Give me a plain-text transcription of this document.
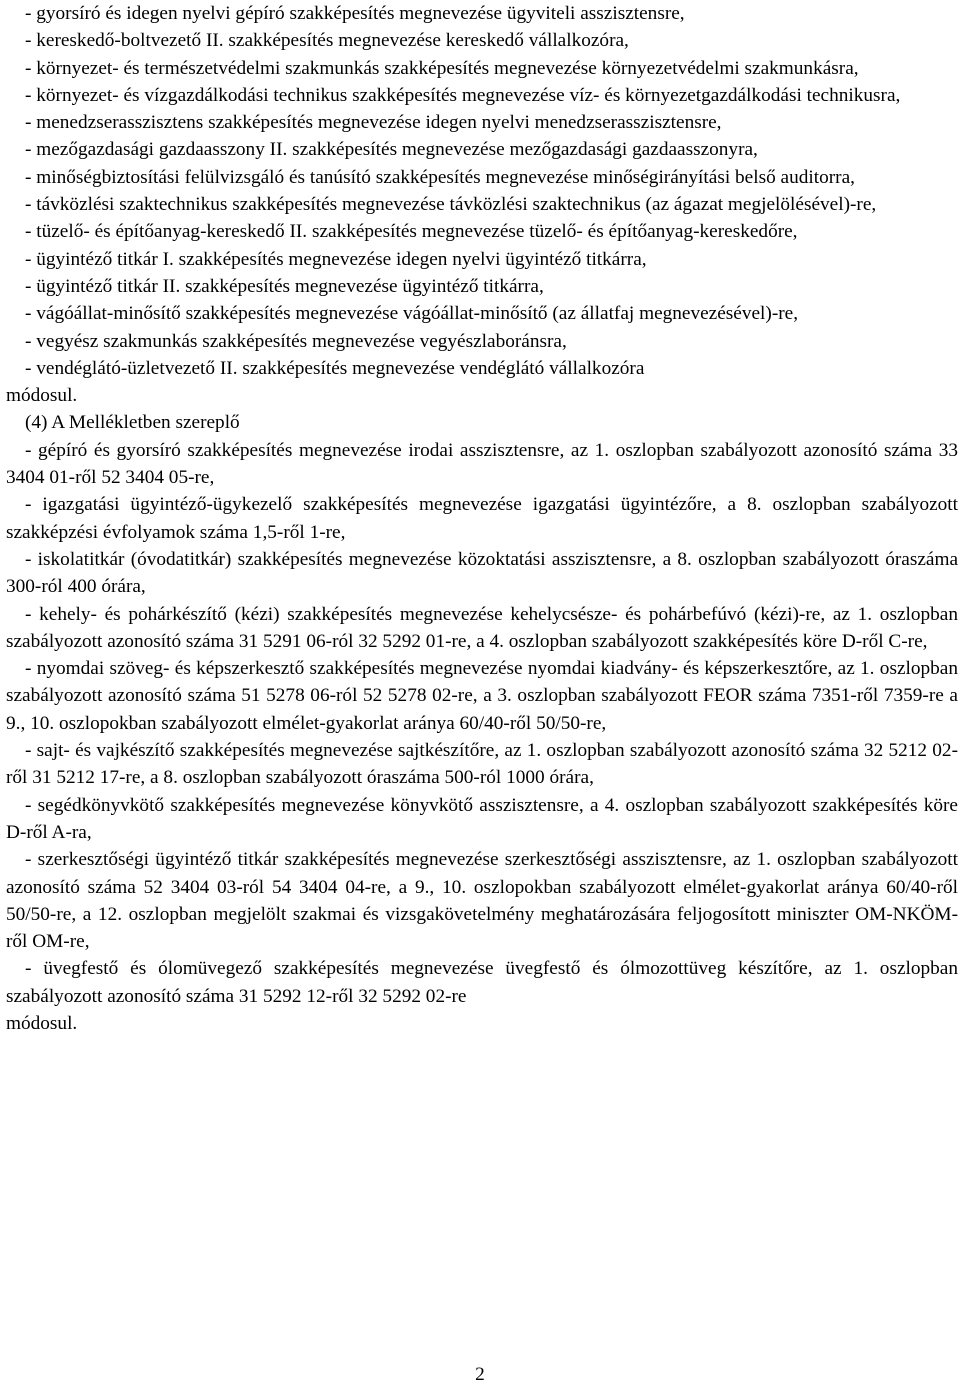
- gyorsíró és idegen nyelvi gépíró szakképesítés megnevezése ügyviteli asszisztensre,

- kereskedő-boltvezető II. szakképesítés megnevezése kereskedő vállalkozóra,

- környezet- és természetvédelmi szakmunkás szakképesítés megnevezése környezetvédelmi szakmunkásra,

- környezet- és vízgazdálkodási technikus szakképesítés megnevezése víz- és környezetgazdálkodási technikusra,

- menedzserasszisztens szakképesítés megnevezése idegen nyelvi menedzserasszisztensre,

- mezőgazdasági gazdaasszony II. szakképesítés megnevezése mezőgazdasági gazdaasszonyra,

- minőségbiztosítási felülvizsgáló és tanúsító szakképesítés megnevezése minőségirányítási belső auditorra,

- távközlési szaktechnikus szakképesítés megnevezése távközlési szaktechnikus (az ágazat megjelölésével)-re,

- tüzelő- és építőanyag-kereskedő II. szakképesítés megnevezése tüzelő- és építőanyag-kereskedőre,

- ügyintéző titkár I. szakképesítés megnevezése idegen nyelvi ügyintéző titkárra,

- ügyintéző titkár II. szakképesítés megnevezése ügyintéző titkárra,

- vágóállat-minősítő szakképesítés megnevezése vágóállat-minősítő (az állatfaj megnevezésével)-re,

- vegyész szakmunkás szakképesítés megnevezése vegyészlaboránsra,

- vendéglátó-üzletvezető II. szakképesítés megnevezése vendéglátó vállalkozóra

módosul.

(4) A Mellékletben szereplő

- gépíró és gyorsíró szakképesítés megnevezése irodai asszisztensre, az 1. oszlopban szabályozott azonosító száma 33 3404 01-ről 52 3404 05-re,

- igazgatási ügyintéző-ügykezelő szakképesítés megnevezése igazgatási ügyintézőre, a 8. oszlopban szabályozott szakképzési évfolyamok száma 1,5-ről 1-re,

- iskolatitkár (óvodatitkár) szakképesítés megnevezése közoktatási asszisztensre, a 8. oszlopban szabályozott óraszáma 300-ról 400 órára,

- kehely- és pohárkészítő (kézi) szakképesítés megnevezése kehelycsésze- és pohárbefúvó (kézi)-re, az 1. oszlopban szabályozott azonosító száma 31 5291 06-ról 32 5292 01-re, a 4. oszlopban szabályozott szakképesítés köre D-ről C-re,

- nyomdai szöveg- és képszerkesztő szakképesítés megnevezése nyomdai kiadvány- és képszerkesztőre, az 1. oszlopban szabályozott azonosító száma 51 5278 06-ról 52 5278 02-re, a 3. oszlopban szabályozott FEOR száma 7351-ről 7359-re a 9., 10. oszlopokban szabályozott elmélet-gyakorlat aránya 60/40-ről 50/50-re,

- sajt- és vajkészítő szakképesítés megnevezése sajtkészítőre, az 1. oszlopban szabályozott azonosító száma 32 5212 02-ről 31 5212 17-re, a 8. oszlopban szabályozott óraszáma 500-ról 1000 órára,

- segédkönyvkötő szakképesítés megnevezése könyvkötő asszisztensre, a 4. oszlopban szabályozott szakképesítés köre D-ről A-ra,

- szerkesztőségi ügyintéző titkár szakképesítés megnevezése szerkesztőségi asszisztensre, az 1. oszlopban szabályozott azonosító száma 52 3404 03-ról 54 3404 04-re, a 9., 10. oszlopokban szabályozott elmélet-gyakorlat aránya 60/40-ről 50/50-re, a 12. oszlopban megjelölt szakmai és vizsgakövetelmény meghatározására feljogosított miniszter OM-NKÖM-ről OM-re,

- üvegfestő és ólomüvegező szakképesítés megnevezése üvegfestő és ólmozottüveg készítőre, az 1. oszlopban szabályozott azonosító száma 31 5292 12-ről 32 5292 02-re

módosul.

2
